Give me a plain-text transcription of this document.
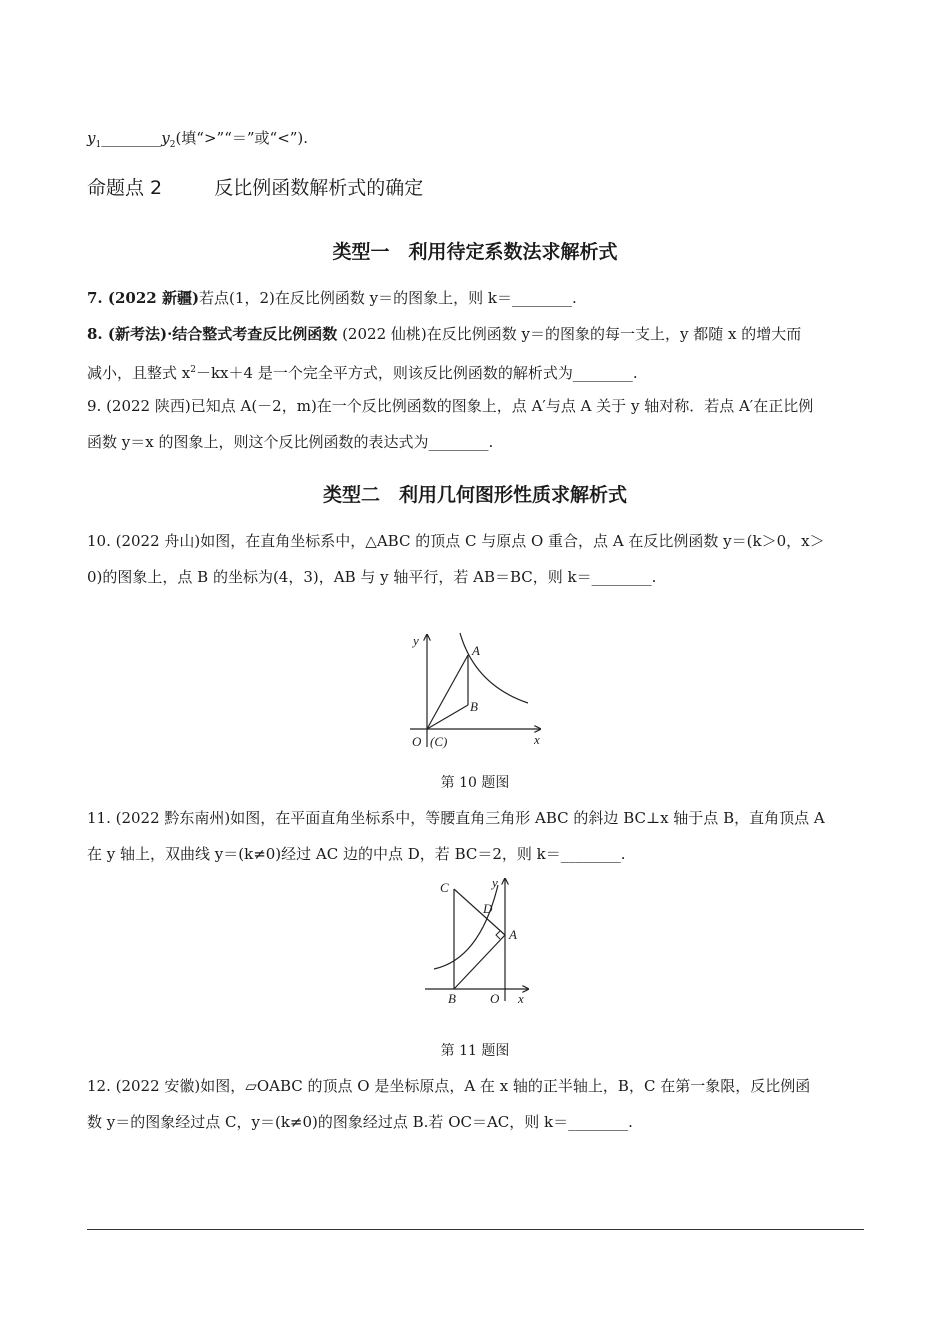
$y_1\_\_\_\_\_\_\_\_y_2$(填“>”“＝”或“<”).
命题点 2	反比例函数解析式的确定
类型一　利用待定系数法求解析式
7. (2022 新疆)若点(1，2)在反比例函数 y＝的图象上，则 k＝________.
8. (新考法)·结合整式考查反比例函数 (2022 仙桃)在反比例函数 y＝的图象的每一支上，y 都随 x 的增大而
减小，且整式 $x^2-kx+4$ 是一个完全平方式，则该反比例函数的解析式为________.
9. (2022 陕西)已知点 A(－2，m)在一个反比例函数的图象上，点 A′与点 A 关于 y 轴对称．若点 A′在正比例
函数 y＝x 的图象上，则这个反比例函数的表达式为________.
类型二　利用几何图形性质求解析式
10. (2022 舟山)如图，在直角坐标系中，△ABC 的顶点 C 与原点 O 重合，点 A 在反比例函数 y＝(k＞0，x＞
0)的图象上，点 B 的坐标为(4，3)，AB 与 y 轴平行，若 AB＝BC，则 k＝________.
y
A
B
O (C)	x
第 10 题图
11. (2022 黔东南州)如图，在平面直角坐标系中，等腰直角三角形 ABC 的斜边 BC⊥x 轴于点 B，直角顶点 A
在 y 轴上，双曲线 y＝(k≠0)经过 AC 边的中点 D，若 BC＝2，则 k＝________.
C
D
y
A
B	O x
第 11 题图
12. (2022 安徽)如图，▱OABC 的顶点 O 是坐标原点，A 在 x 轴的正半轴上，B，C 在第一象限，反比例函
数 y＝的图象经过点 C，y＝(k≠0)的图象经过点 B.若 OC＝AC，则 k＝________.
